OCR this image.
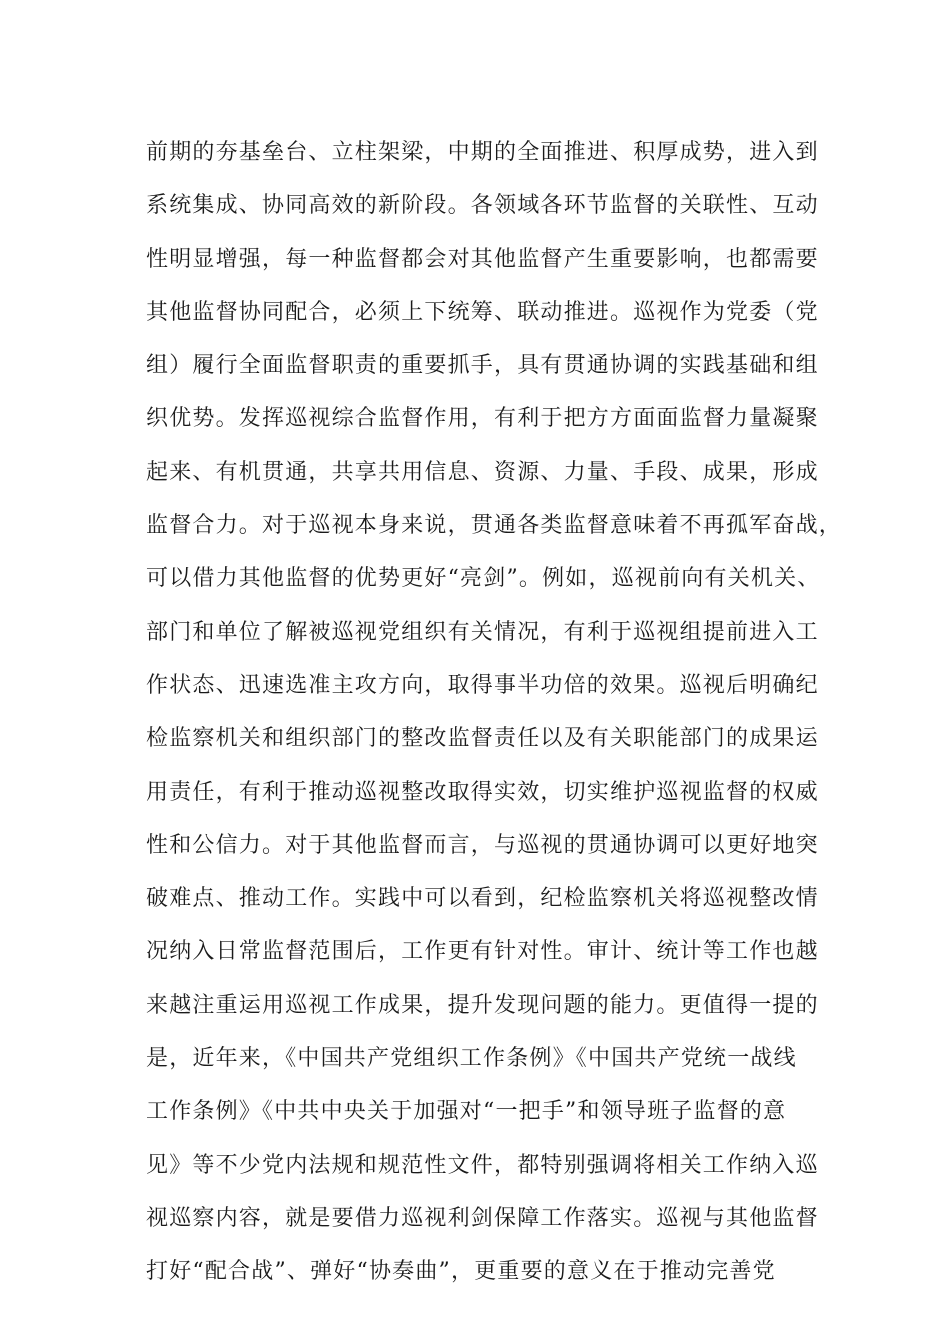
前期的夯基垒台、立柱架梁，中期的全面推进、积厚成势，进入到
系统集成、协同高效的新阶段。各领域各环节监督的关联性、互动
性明显增强，每一种监督都会对其他监督产生重要影响，也都需要
其他监督协同配合，必须上下统筹、联动推进。巡视作为党委（党
组）履行全面监督职责的重要抓手，具有贯通协调的实践基础和组
织优势。发挥巡视综合监督作用，有利于把方方面面监督力量凝聚
起来、有机贯通，共享共用信息、资源、力量、手段、成果，形成
监督合力。对于巡视本身来说，贯通各类监督意味着不再孤军奋战，
可以借力其他监督的优势更好“亮剑”。例如，巡视前向有关机关、
部门和单位了解被巡视党组织有关情况，有利于巡视组提前进入工
作状态、迅速选准主攻方向，取得事半功倍的效果。巡视后明确纪
检监察机关和组织部门的整改监督责任以及有关职能部门的成果运
用责任，有利于推动巡视整改取得实效，切实维护巡视监督的权威
性和公信力。对于其他监督而言，与巡视的贯通协调可以更好地突
破难点、推动工作。实践中可以看到，纪检监察机关将巡视整改情
况纳入日常监督范围后，工作更有针对性。审计、统计等工作也越
来越注重运用巡视工作成果，提升发现问题的能力。更值得一提的
是，近年来，《中国共产党组织工作条例》《中国共产党统一战线
工作条例》《中共中央关于加强对“一把手”和领导班子监督的意
见》等不少党内法规和规范性文件，都特别强调将相关工作纳入巡
视巡察内容，就是要借力巡视利剑保障工作落实。巡视与其他监督
打好“配合战”、弹好“协奏曲”，更重要的意义在于推动完善党
